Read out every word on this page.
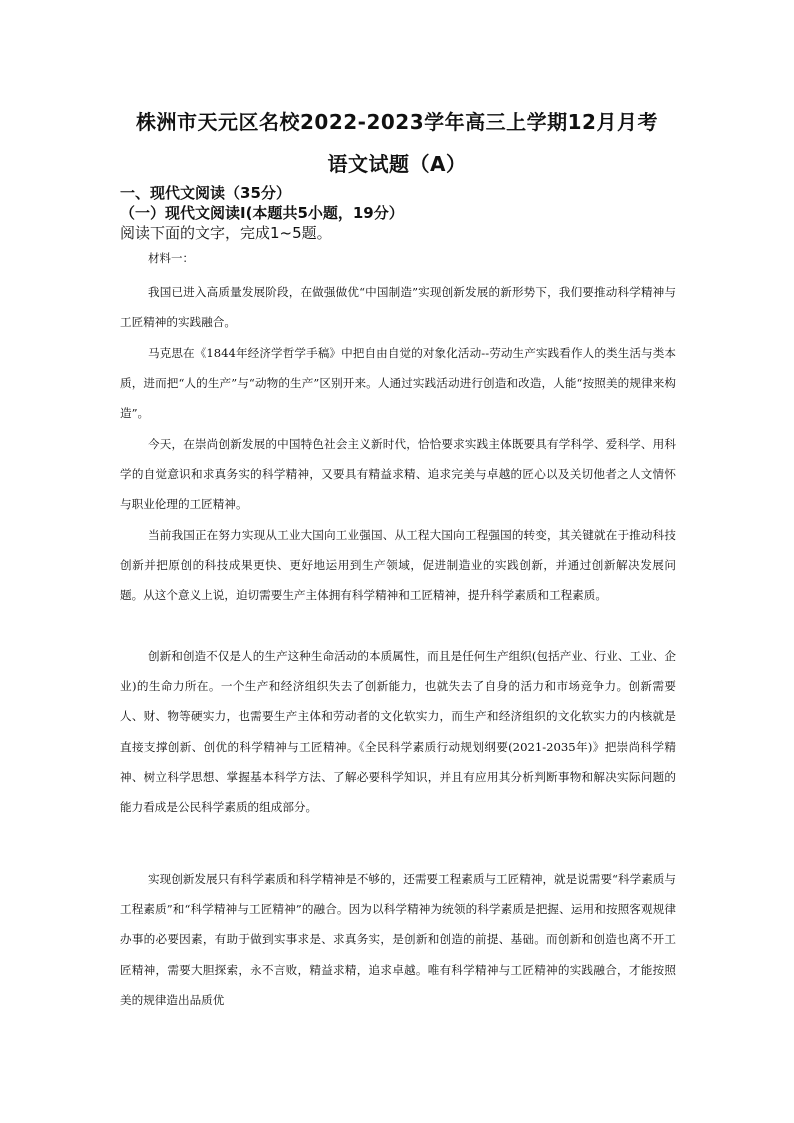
株洲市天元区名校2022-2023学年高三上学期12月月考
语文试题（A）
一、现代文阅读（35分）
（一）现代文阅读Ⅰ(本题共5小题，19分）
阅读下面的文字，完成1~5题。
材料一：

我国已进入高质量发展阶段，在做强做优“中国制造”实现创新发展的新形势下，我们要推动科学精神与工匠精神的实践融合。

马克思在《1844年经济学哲学手稿》中把自由自觉的对象化活动--劳动生产实践看作人的类生活与类本质，进而把“人的生产”与“动物的生产”区别开来。人通过实践活动进行创造和改造，人能“按照美的规律来构造”。

今天，在崇尚创新发展的中国特色社会主义新时代，恰恰要求实践主体既要具有学科学、爱科学、用科学的自觉意识和求真务实的科学精神，又要具有精益求精、追求完美与卓越的匠心以及关切他者之人文情怀与职业伦理的工匠精神。

当前我国正在努力实现从工业大国向工业强国、从工程大国向工程强国的转变，其关键就在于推动科技创新并把原创的科技成果更快、更好地运用到生产领域，促进制造业的实践创新，并通过创新解决发展问题。从这个意义上说，迫切需要生产主体拥有科学精神和工匠精神，提升科学素质和工程素质。

创新和创造不仅是人的生产这种生命活动的本质属性，而且是任何生产组织(包括产业、行业、工业、企业)的生命力所在。一个生产和经济组织失去了创新能力，也就失去了自身的活力和市场竞争力。创新需要人、财、物等硬实力，也需要生产主体和劳动者的文化软实力，而生产和经济组织的文化软实力的内核就是直接支撑创新、创优的科学精神与工匠精神。《全民科学素质行动规划纲要(2021-2035年)》把崇尚科学精神、树立科学思想、掌握基本科学方法、了解必要科学知识，并且有应用其分析判断事物和解决实际问题的能力看成是公民科学素质的组成部分。

实现创新发展只有科学素质和科学精神是不够的，还需要工程素质与工匠精神，就是说需要“科学素质与工程素质”和“科学精神与工匠精神”的融合。因为以科学精神为统领的科学素质是把握、运用和按照客观规律办事的必要因素，有助于做到实事求是、求真务实，是创新和创造的前提、基础。而创新和创造也离不开工匠精神，需要大胆探索，永不言败，精益求精，追求卓越。唯有科学精神与工匠精神的实践融合，才能按照美的规律造出品质优
